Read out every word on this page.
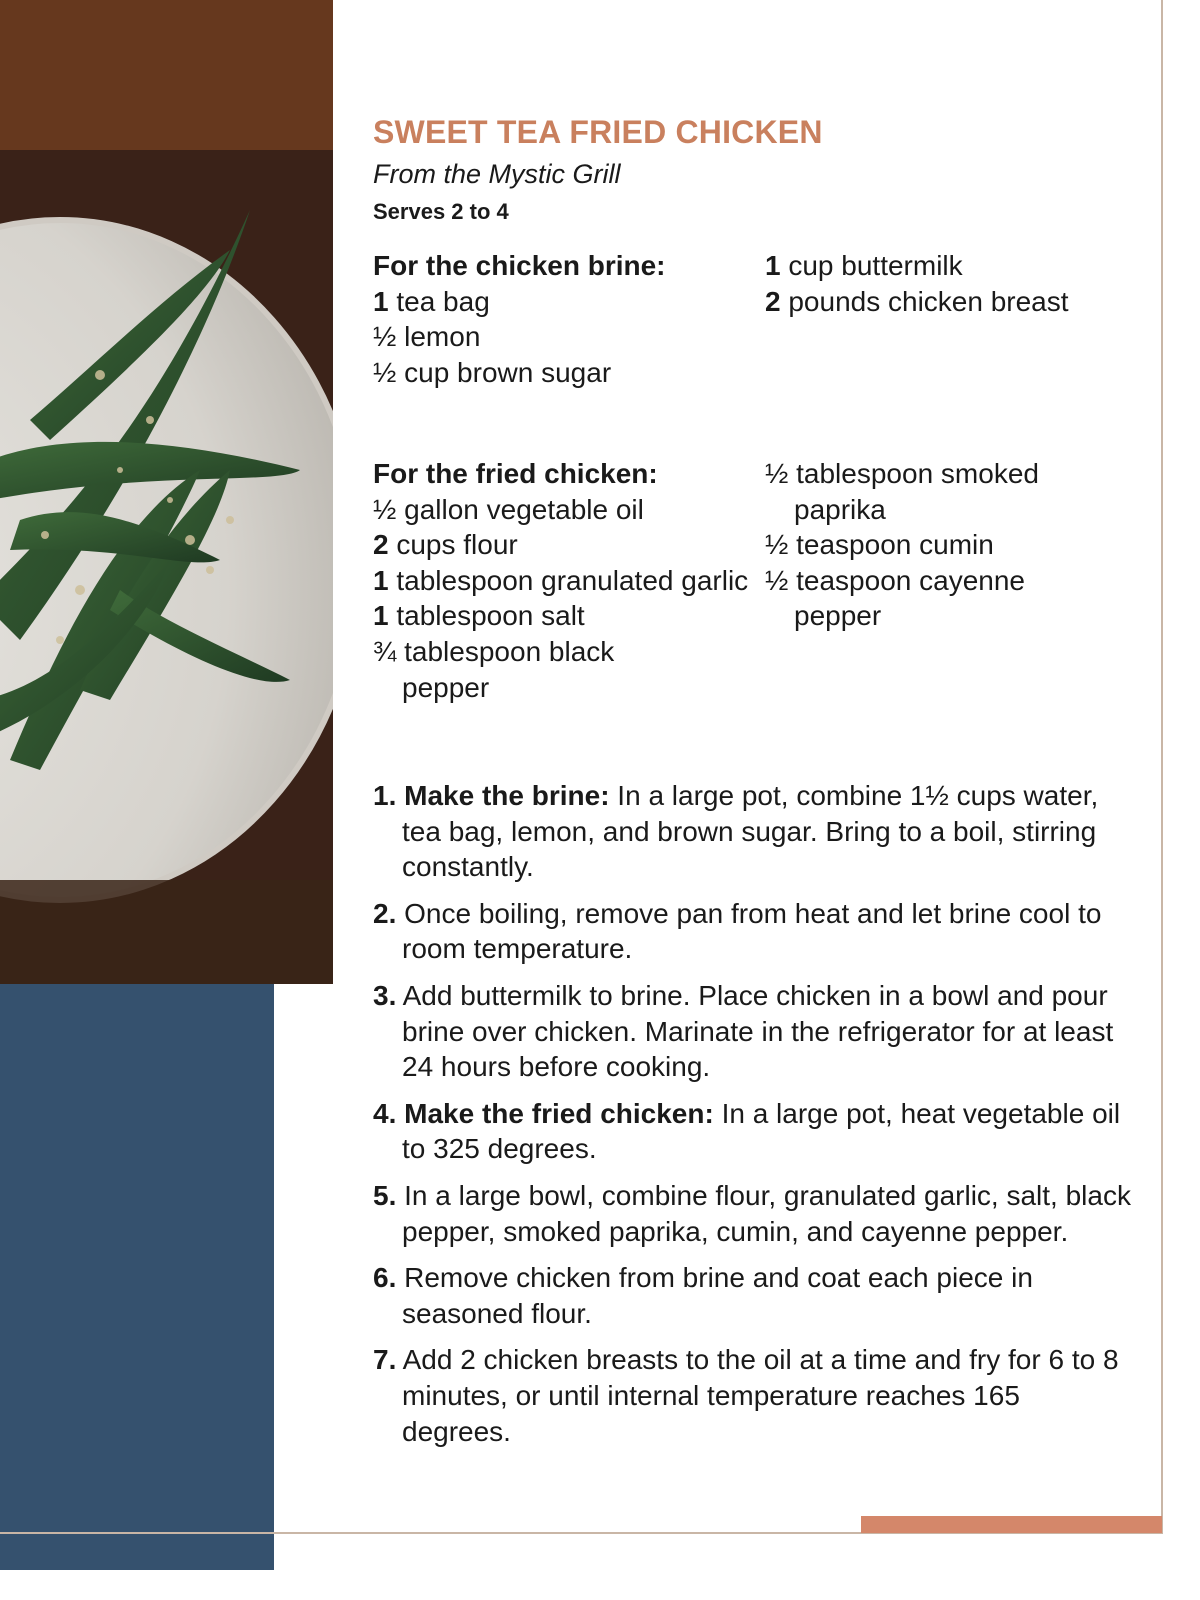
SWEET TEA FRIED CHICKEN
From the Mystic Grill
Serves 2 to 4
For the chicken brine:
1 tea bag
½ lemon
½ cup brown sugar
1 cup buttermilk
2 pounds chicken breast
For the fried chicken:
½ gallon vegetable oil
2 cups flour
1 tablespoon granulated garlic
1 tablespoon salt
¾ tablespoon black pepper
½ tablespoon smoked paprika
½ teaspoon cumin
½ teaspoon cayenne pepper
1. Make the brine: In a large pot, combine 1½ cups water, tea bag, lemon, and brown sugar. Bring to a boil, stirring constantly.
2. Once boiling, remove pan from heat and let brine cool to room temperature.
3. Add buttermilk to brine. Place chicken in a bowl and pour brine over chicken. Marinate in the refrigerator for at least 24 hours before cooking.
4. Make the fried chicken: In a large pot, heat vegetable oil to 325 degrees.
5. In a large bowl, combine flour, granulated garlic, salt, black pepper, smoked paprika, cumin, and cayenne pepper.
6. Remove chicken from brine and coat each piece in seasoned flour.
7. Add 2 chicken breasts to the oil at a time and fry for 6 to 8 minutes, or until internal temperature reaches 165 degrees.
